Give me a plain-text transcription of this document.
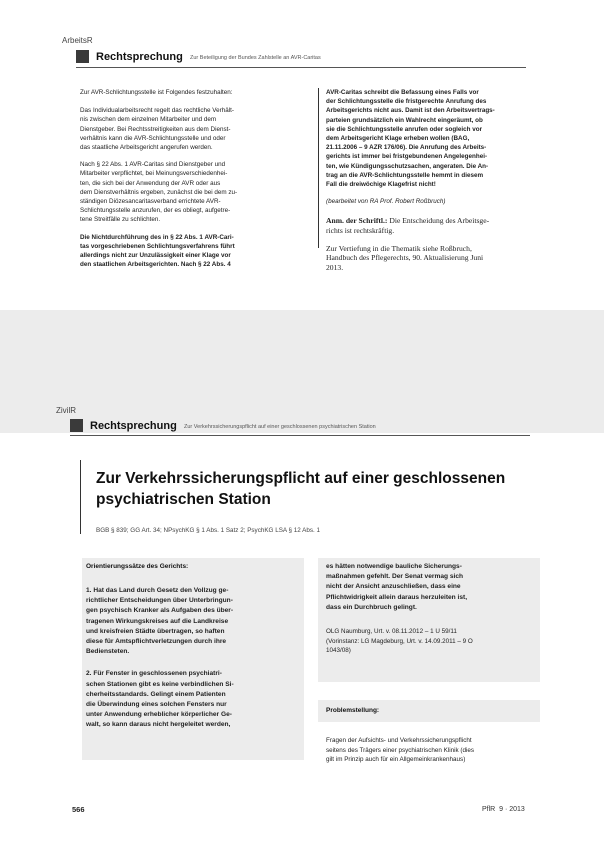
ArbeitsR
Rechtsprechung Zur Beteiligung der Bundes Zahlstelle an AVR-Caritas

Zur AVR-Schlichtungsstelle ist Folgendes festzuhalten:

Das Individualarbeitsrecht regelt das rechtliche Verhält-

nis zwischen dem einzelnen Mitarbeiter und dem

Dienstgeber. Bei Rechtsstreitigkeiten aus dem Dienst-

verhältnis kann die AVR-Schlichtungsstelle und oder

das staatliche Arbeitsgericht angerufen werden.

Nach § 22 Abs. 1 AVR-Caritas sind Dienstgeber und

Mitarbeiter verpflichtet, bei Meinungsverschiedenhei-

ten, die sich bei der Anwendung der AVR oder aus

dem Dienstverhältnis ergeben, zunächst die bei dem zu-

ständigen Diözesancaritasverband errichtete AVR-

Schlichtungsstelle anzurufen, der es obliegt, aufgetre-

tene Streitfälle zu schlichten.

Die Nichtdurchführung des in § 22 Abs. 1 AVR-Cari-

tas vorgeschriebenen Schlichtungsverfahrens führt

allerdings nicht zur Unzulässigkeit einer Klage vor

den staatlichen Arbeitsgerichten. Nach § 22 Abs. 4

AVR-Caritas schreibt die Befassung eines Falls vor

der Schlichtungsstelle die fristgerechte Anrufung des

Arbeitsgerichts nicht aus. Damit ist den Arbeitsvertrags-

parteien grundsätzlich ein Wahlrecht eingeräumt, ob

sie die Schlichtungsstelle anrufen oder sogleich vor

dem Arbeitsgericht Klage erheben wollen (BAG,

21.11.2006 – 9 AZR 176/06). Die Anrufung des Arbeits-

gerichts ist immer bei fristgebundenen Angelegenhei-

ten, wie Kündigungsschutzsachen, angeraten. Die An-

trag an die AVR-Schlichtungsstelle hemmt in diesem

Fall die dreiwöchige Klagefrist nicht!

(bearbeitet von RA Prof. Robert Roßbruch)

Anm. der Schriftl.: Die Entscheidung des Arbeitsge-

richts ist rechtskräftig.

Zur Vertiefung in die Thematik siehe Roßbruch,

Handbuch des Pflegerechts, 90. Aktualisierung Juni

2013.

ZivilR
Rechtsprechung Zur Verkehrssicherungspflicht auf einer geschlossenen psychiatrischen Station
Zur Verkehrssicherungspflicht auf einer geschlossenen
psychiatrischen Station
BGB § 839; GG Art. 34; NPsychKG § 1 Abs. 1 Satz 2; PsychKG LSA § 12 Abs. 1
Orientierungssätze des Gerichts:

1. Hat das Land durch Gesetz den Vollzug ge-

richtlicher Entscheidungen über Unterbringun-

gen psychisch Kranker als Aufgaben des über-

tragenen Wirkungskreises auf die Landkreise

und kreisfreien Städte übertragen, so haften

diese für Amtspflichtverletzungen durch ihre

Bediensteten.

2. Für Fenster in geschlossenen psychiatri-

schen Stationen gibt es keine verbindlichen Si-

cherheitsstandards. Gelingt einem Patienten

die Überwindung eines solchen Fensters nur

unter Anwendung erheblicher körperlicher Ge-

walt, so kann daraus nicht hergeleitet werden,

es hätten notwendige bauliche Sicherungs-

maßnahmen gefehlt. Der Senat vermag sich

nicht der Ansicht anzuschließen, dass eine

Pflichtwidrigkeit allein daraus herzuleiten ist,

dass ein Durchbruch gelingt.

OLG Naumburg, Urt. v. 08.11.2012 – 1 U 59/11

(Vorinstanz: LG Magdeburg, Urt. v. 14.09.2011 – 9 O

1043/08)

Problemstellung:

Fragen der Aufsichts- und Verkehrssicherungspflicht

seitens des Trägers einer psychiatrischen Klinik (dies

gilt im Prinzip auch für ein Allgemeinkrankenhaus)

566	PflR 9 · 2013
